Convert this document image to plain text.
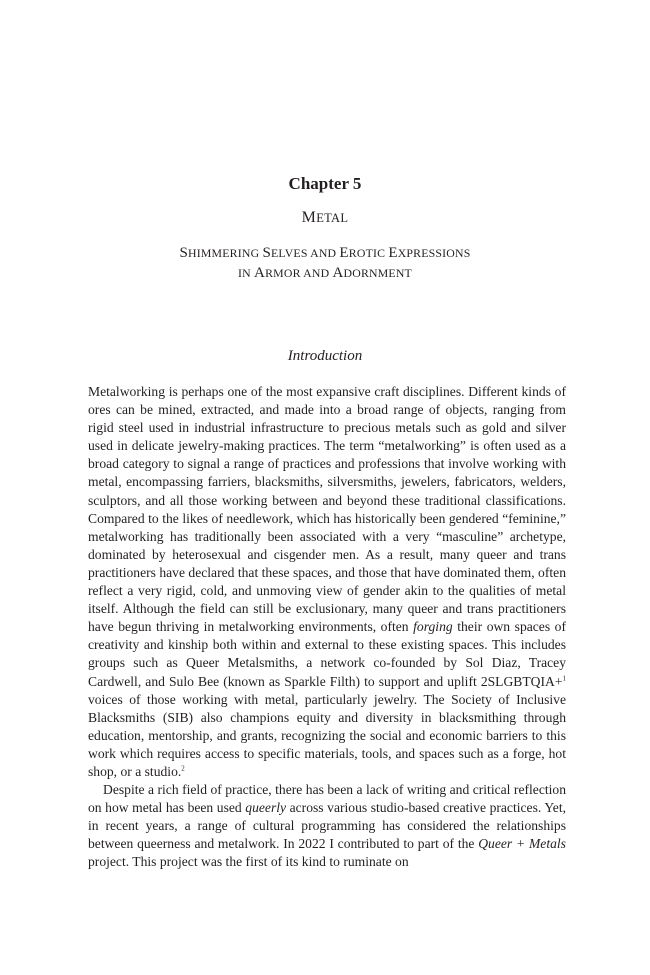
Chapter 5
METAL
SHIMMERING SELVES AND EROTIC EXPRESSIONS
IN ARMOR AND ADORNMENT
Introduction

Metalworking is perhaps one of the most expansive craft disciplines. Different kinds of ores can be mined, extracted, and made into a broad range of objects, ranging from rigid steel used in industrial infrastructure to precious metals such as gold and silver used in delicate jewelry-making practices. The term “metalworking” is often used as a broad category to signal a range of practices and professions that involve working with metal, encompassing farriers, blacksmiths, silversmiths, jewelers, fabricators, welders, sculptors, and all those working between and beyond these traditional classifications. Compared to the likes of needlework, which has historically been gendered “feminine,” metalworking has traditionally been associated with a very “masculine” archetype, dominated by heterosexual and cisgender men. As a result, many queer and trans practitioners have declared that these spaces, and those that have dominated them, often reflect a very rigid, cold, and unmoving view of gender akin to the qualities of metal itself. Although the field can still be exclusionary, many queer and trans practitioners have begun thriving in metalworking environments, often forging their own spaces of creativity and kinship both within and external to these existing spaces. This includes groups such as Queer Metalsmiths, a network co-founded by Sol Diaz, Tracey Cardwell, and Sulo Bee (known as Sparkle Filth) to support and uplift 2SLGBTQIA+$^1$ voices of those working with metal, particularly jewelry. The Society of Inclusive Blacksmiths (SIB) also champions equity and diversity in blacksmithing through education, mentorship, and grants, recognizing the social and economic barriers to this work which requires access to specific materials, tools, and spaces such as a forge, hot shop, or a studio.$^2$

Despite a rich field of practice, there has been a lack of writing and critical reflection on how metal has been used queerly across various studio-based creative practices. Yet, in recent years, a range of cultural programming has considered the relationships between queerness and metalwork. In 2022 I contributed to part of the Queer + Metals project. This project was the first of its kind to ruminate on
